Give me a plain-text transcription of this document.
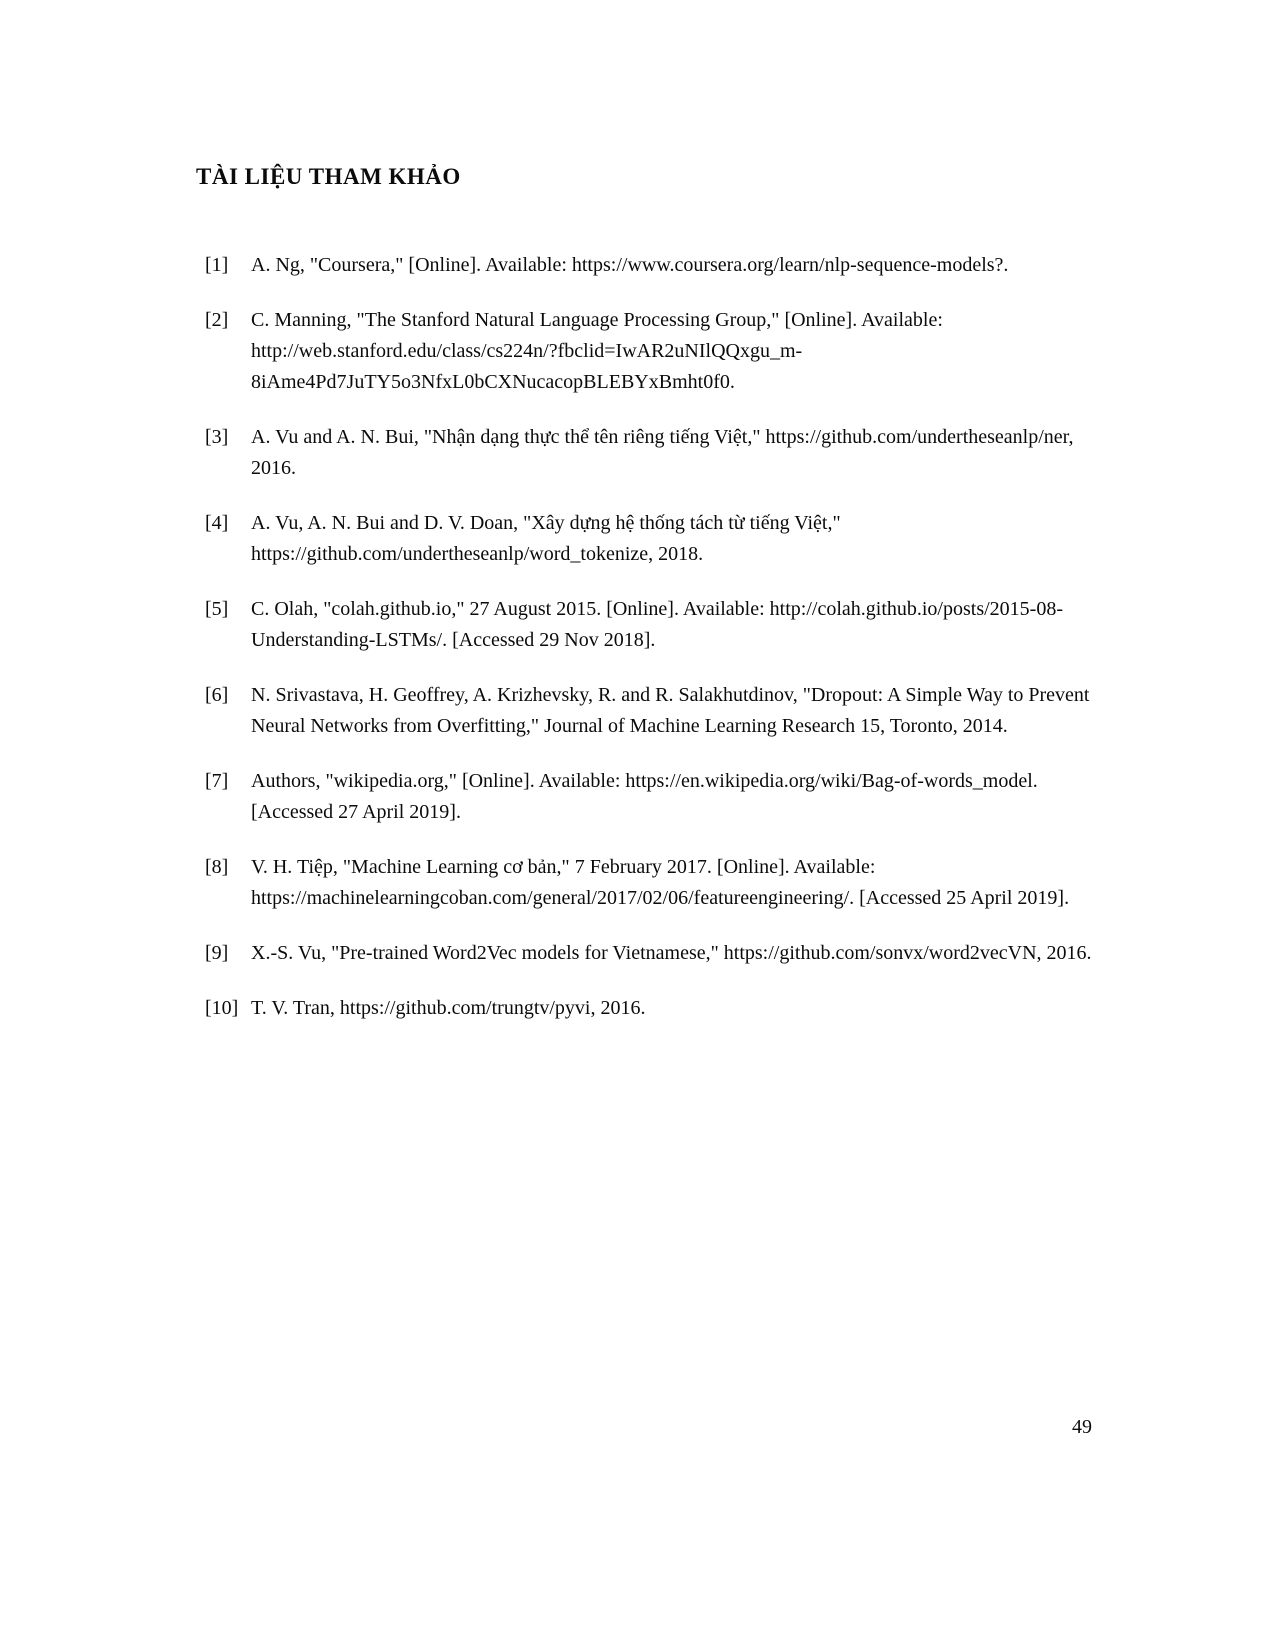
TÀI LIỆU THAM KHẢO
[1]	A. Ng, "Coursera," [Online]. Available: https://www.coursera.org/learn/nlp-sequence-models?.
[2]	C. Manning, "The Stanford Natural Language Processing Group," [Online]. Available: http://web.stanford.edu/class/cs224n/?fbclid=IwAR2uNIlQQxgu_m-8iAme4Pd7JuTY5o3NfxL0bCXNucacopBLEBYxBmht0f0.
[3]	A. Vu and A. N. Bui, "Nhận dạng thực thể tên riêng tiếng Việt," https://github.com/undertheseanlp/ner, 2016.
[4]	A. Vu, A. N. Bui and D. V. Doan, "Xây dựng hệ thống tách từ tiếng Việt," https://github.com/undertheseanlp/word_tokenize, 2018.
[5]	C. Olah, "colah.github.io," 27 August 2015. [Online]. Available: http://colah.github.io/posts/2015-08-Understanding-LSTMs/. [Accessed 29 Nov 2018].
[6]	N. Srivastava, H. Geoffrey, A. Krizhevsky, R. and R. Salakhutdinov, "Dropout: A Simple Way to Prevent Neural Networks from Overfitting," Journal of Machine Learning Research 15, Toronto, 2014.
[7]	Authors, "wikipedia.org," [Online]. Available: https://en.wikipedia.org/wiki/Bag-of-words_model. [Accessed 27 April 2019].
[8]	V. H. Tiệp, "Machine Learning cơ bản," 7 February 2017. [Online]. Available: https://machinelearningcoban.com/general/2017/02/06/featureengineering/. [Accessed 25 April 2019].
[9]	X.-S. Vu, "Pre-trained Word2Vec models for Vietnamese," https://github.com/sonvx/word2vecVN, 2016.
[10] T. V. Tran, https://github.com/trungtv/pyvi, 2016.
49
